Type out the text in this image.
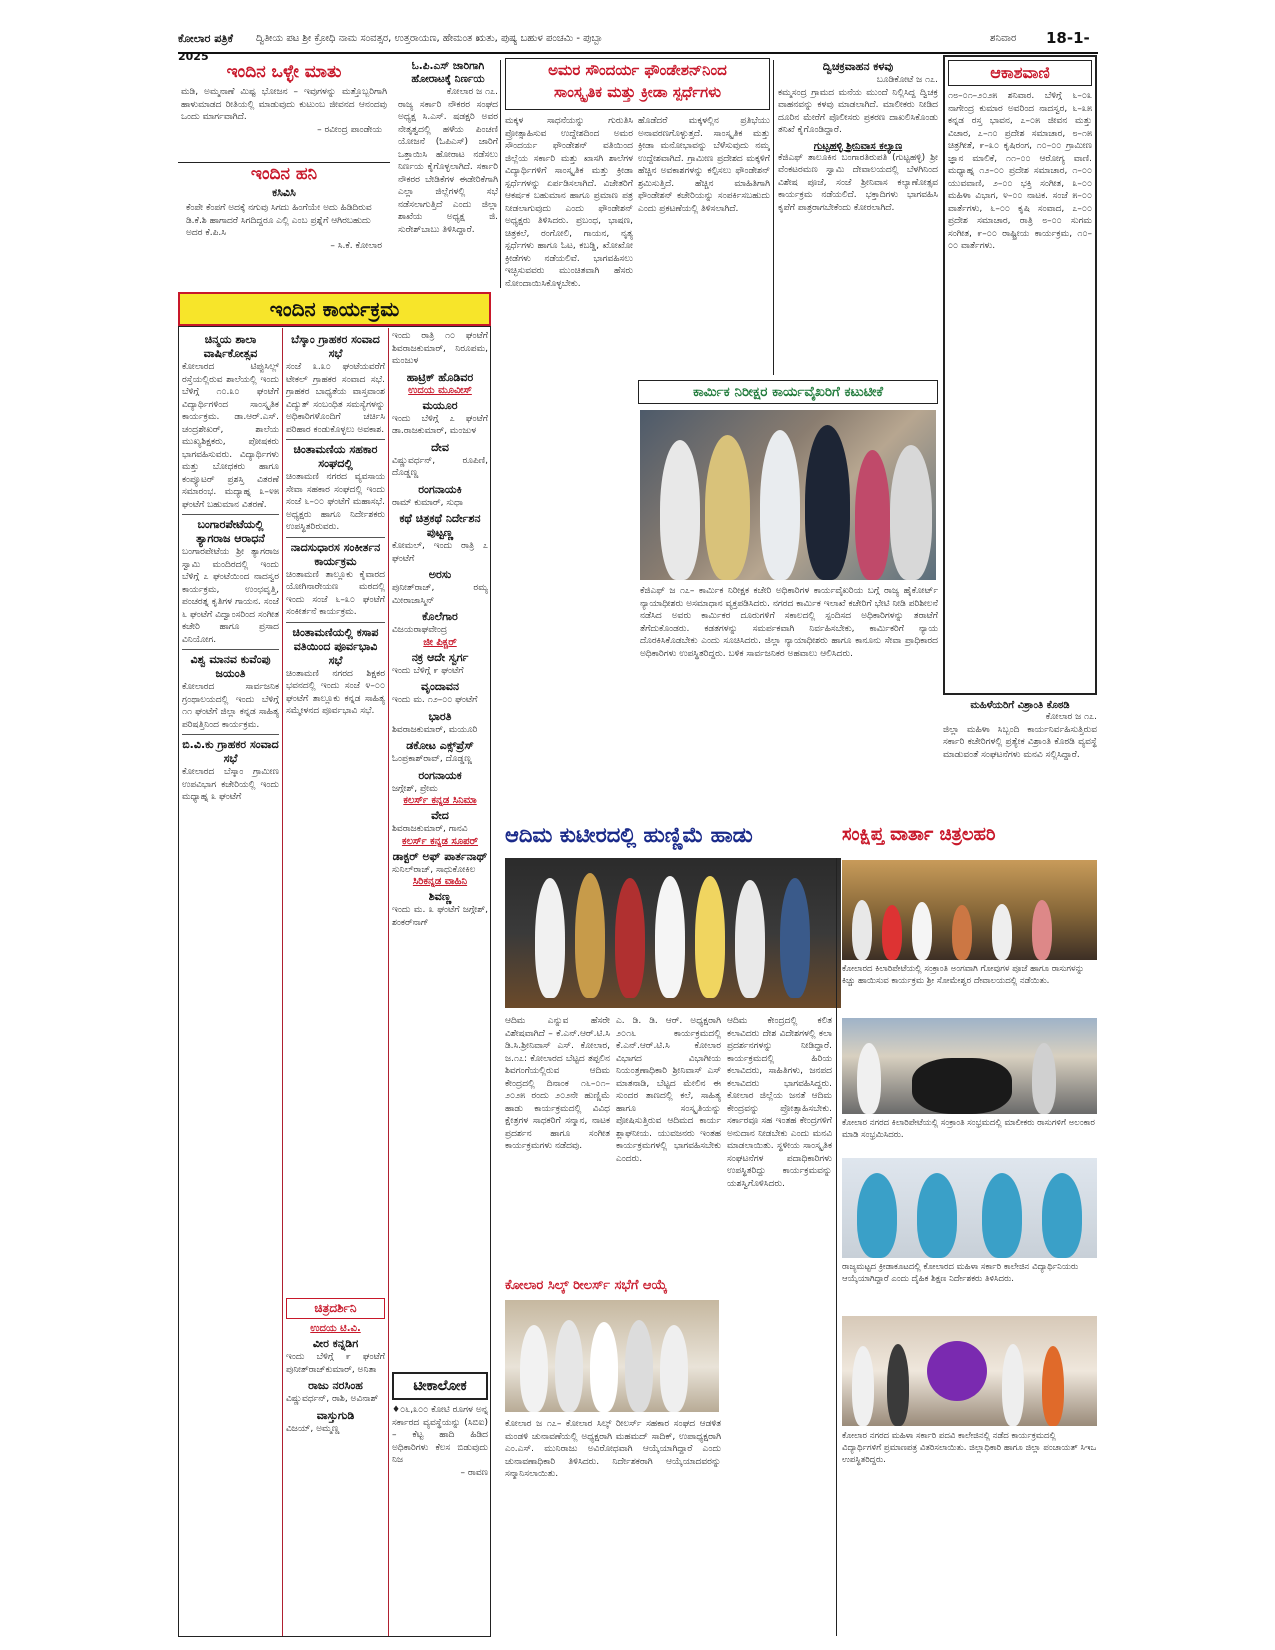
ಕೋಲಾರ ಪತ್ರಿಕೆ ದ್ವಿತೀಯ ಪಟ ಶ್ರೀ ಕ್ರೋಧಿ ನಾಮ ಸಂವತ್ಸರ, ಉತ್ತರಾಯಣ, ಹೇಮಂತ ಋತು, ಪುಷ್ಯ ಬಹುಳ ಪಂಚಮಿ - ಪುಬ್ಬಾ	ಶನಿವಾರ 18-1-
2025
ಇಂದಿನ ಒಳ್ಳೇ ಮಾತು
ಮಡಿ, ಅಮ್ಮನಾಣೆ ಮಿಷ್ಟ ಭೋಜನ – ಇವುಗಳನ್ನು ಮತ್ತೊಬ್ಬರಿಗಾಗಿ ಹಾಳುಮಾಡದ ರೀತಿಯಲ್ಲಿ ಮಾಡುವುದು ಕುಟುಂಬ ಜೀವನದ ಆನಂದವು ಒಂದು ಮಾರ್ಗವಾಗಿದೆ.
– ರವೀಂದ್ರ ಪಾಂಡೇಯ
ಇಂದಿನ ಹನಿ
ಕಸಿವಿಸಿ
ಕೆಂಪೇ ಕೆಂಪಗೆ ಅದಕ್ಕೆ ನಗುವು ಸಿಗದು ಹಿಂಗೆಯೇ ಅದು ಹಿಡಿದಿರುವ ಡಿ.ಕೆ.ಶಿ ಹಾಗಾದರೆ ಸಿಗದಿದ್ದರೂ ಎಲ್ಲಿ ಎಂಬ ಪ್ರಶ್ನೆಗೆ ಆಗಿರಬಹುದು ಅದರ ಕೆ.ಪಿ.ಸಿ
– ಸಿ.ಕೆ. ಕೋಲಾರ
ಇಂದಿನ ಕಾರ್ಯಕ್ರಮ
ಚಿನ್ಮಯ ಶಾಲಾ ವಾರ್ಷಿಕೋತ್ಸವ
ಕೋಲಾರದ ಟಿಪ್ಪುಸಿಲ್ಲ್ ರಸ್ತೆಯಲ್ಲಿರುವ ಶಾಲೆಯಲ್ಲಿ ಇಂದು ಬೆಳಿಗ್ಗೆ ೧೦.೩೦ ಘಂಟೆಗೆ ವಿದ್ಯಾರ್ಥಿಗಳಿಂದ ಸಾಂಸ್ಕೃತಿಕ ಕಾರ್ಯಕ್ರಮ. ಡಾ.ಆರ್.ಎಸ್. ಚಂದ್ರಶೇಖರ್, ಶಾಲೆಯ ಮುಖ್ಯಶಿಕ್ಷಕರು, ಪೋಷಕರು ಭಾಗವಹಿಸುವರು. ವಿದ್ಯಾರ್ಥಿಗಳು ಮತ್ತು ಬೋಧಕರು ಹಾಗೂ ಕಂಪ್ಯೂಟರ್ ಪ್ರಶಸ್ತಿ ವಿತರಣೆ ಸಮಾರಂಭ. ಮದ್ಯಾಹ್ನ ೩–೪೫ ಘಂಟೆಗೆ ಬಹುಮಾನ ವಿತರಣೆ.
ಬಂಗಾರಪೇಟೆಯಲ್ಲಿ ತ್ಯಾಗರಾಜ ಆರಾಧನೆ
ಬಂಗಾರಪೇಟೆಯ ಶ್ರೀ ತ್ಯಾಗರಾಜ ಸ್ವಾಮಿ ಮಂದಿರದಲ್ಲಿ ಇಂದು ಬೆಳಿಗ್ಗೆ ೭ ಘಂಟೆಯಿಂದ ನಾದಸ್ವರ ಕಾರ್ಯಕ್ರಮ, ಉಂಛವೃತ್ತಿ, ಪಂಚರತ್ನ ಕೃತಿಗಳ ಗಾಯನ. ಸಂಜೆ ೬ ಘಂಟೆಗೆ ವಿದ್ವಾಂಸರಿಂದ ಸಂಗೀತ ಕಚೇರಿ ಹಾಗೂ ಪ್ರಸಾದ ವಿನಿಯೋಗ.
ವಿಶ್ವ ಮಾನವ ಕುವೆಂಪು ಜಯಂತಿ
ಕೋಲಾರದ ಸಾರ್ವಜನಿಕ ಗ್ರಂಥಾಲಯದಲ್ಲಿ ಇಂದು ಬೆಳಿಗ್ಗೆ ೧೧ ಘಂಟೆಗೆ ಜಿಲ್ಲಾ ಕನ್ನಡ ಸಾಹಿತ್ಯ ಪರಿಷತ್ತಿನಿಂದ ಕಾರ್ಯಕ್ರಮ.
ಬಿ.ವಿ.ಕು ಗ್ರಾಹಕರ ಸಂವಾದ ಸಭೆ
ಕೋಲಾರದ ಬೆಸ್ಕಾಂ ಗ್ರಾಮೀಣ ಉಪವಿಭಾಗ ಕಚೇರಿಯಲ್ಲಿ ಇಂದು ಮಧ್ಯಾಹ್ನ ೩ ಘಂಟೆಗೆ
ಬೆಸ್ಕಾಂ ಗ್ರಾಹಕರ ಸಂವಾದ ಸಭೆ
ಸಂಜೆ ೩.೩೦ ಘಂಟೆಯವರೆಗೆ ಟೇಕಲ್ ಗ್ರಾಹಕರ ಸಂವಾದ ಸಭೆ. ಗ್ರಾಹಕರ ಬಾಧ್ಯತೆಯ ವಾಸ್ತವಾಂಶ ವಿದ್ಯುತ್ ಸಂಬಂಧಿತ ಸಮಸ್ಯೆಗಳನ್ನು ಅಧಿಕಾರಿಗಳೊಂದಿಗೆ ಚರ್ಚಿಸಿ ಪರಿಹಾರ ಕಂಡುಕೊಳ್ಳಲು ಅವಕಾಶ.
ಚಿಂತಾಮಣಿಯ ಸಹಕಾರ ಸಂಘದಲ್ಲಿ
ಚಿಂತಾಮಣಿ ನಗರದ ವ್ಯವಸಾಯ ಸೇವಾ ಸಹಕಾರ ಸಂಘದಲ್ಲಿ ಇಂದು ಸಂಜೆ ೬–೦೦ ಘಂಟೆಗೆ ಮಹಾಸಭೆ. ಅಧ್ಯಕ್ಷರು ಹಾಗೂ ನಿರ್ದೇಶಕರು ಉಪಸ್ಥಿತರಿರುವರು.
ನಾದಸುಧಾರಸ ಸಂಕೀರ್ತನ ಕಾರ್ಯಕ್ರಮ
ಚಿಂತಾಮಣಿ ತಾಲ್ಲೂಕು ಕೈವಾರದ ಯೋಗಿನಾರೇಯಣ ಮಠದಲ್ಲಿ ಇಂದು ಸಂಜೆ ೬–೩೦ ಘಂಟೆಗೆ ಸಂಕೀರ್ತನೆ ಕಾರ್ಯಕ್ರಮ.
ಚಿಂತಾಮಣಿಯಲ್ಲಿ ಕಸಾಪ ವತಿಯಿಂದ ಪೂರ್ವಭಾವಿ ಸಭೆ
ಚಿಂತಾಮಣಿ ನಗರದ ಶಿಕ್ಷಕರ ಭವನದಲ್ಲಿ ಇಂದು ಸಂಜೆ ೪–೦೦ ಘಂಟೆಗೆ ತಾಲ್ಲೂಕು ಕನ್ನಡ ಸಾಹಿತ್ಯ ಸಮ್ಮೇಳನದ ಪೂರ್ವಭಾವಿ ಸಭೆ.
ಚಿತ್ರದರ್ಶಿನಿ
ಉದಯ ಟಿ.ವಿ.
ವೀರ ಕನ್ನಡಿಗ
ಇಂದು ಬೆಳಿಗ್ಗೆ ೯ ಘಂಟೆಗೆ ಪುನೀತ್‌ರಾಜ್‌ಕುಮಾರ್, ಅನಿತಾ
ರಾಜು ನರಸಿಂಹ
ವಿಷ್ಣುವರ್ಧನ್, ರಾಶಿ, ಅವಿನಾಶ್
ವಾಸ್ತುಗುಡಿ
ವಿಜಯ್, ಅಮ್ಮಣ್ಣ
ಇಂದು ರಾತ್ರಿ ೧೦ ಘಂಟೆಗೆ ಶಿವರಾಜಕುಮಾರ್, ನಿರೂಪಮ, ಮಂಜುಳ
ಹಾಟ್ರಿಕ್ ಹೊಡಿವರ
ಉದಯ ಮೂವೀಸ್
ಮಯೂರ
ಇಂದು ಬೆಳಿಗ್ಗೆ ೭ ಘಂಟೆಗೆ ಡಾ.ರಾಜಕುಮಾರ್, ಮಂಜುಳ
ದೇವ
ವಿಷ್ಣುವರ್ಧನ್, ರೂಪಿಣಿ, ದೊಡ್ಡಣ್ಣ
ರಂಗನಾಯಕಿ
ರಾಮ್ ಕುಮಾರ್, ಸುಧಾ
ಕಥೆ ಚಿತ್ರಕಥೆ ನಿರ್ದೇಶನ ಪುಟ್ಟಣ್ಣ
ಕೋಮಲ್, ಇಂದು ರಾತ್ರಿ ೭ ಘಂಟೆಗೆ
ಅರಸು
ಪುನೀತ್‌ರಾಜ್, ರಮ್ಯ ಮೀರಾಜಾಸ್ಮಿನ್
ಕೊಲೆಗಾರ
ವಿಜಯರಾಘವೇಂದ್ರ
ಜೀ ಪಿಕ್ಚರ್
ನಕ್ರ ಆದೇ ಸ್ವರ್ಗ
ಇಂದು ಬೆಳಿಗ್ಗೆ ೯ ಘಂಟೆಗೆ
ವೃಂದಾವನ
ಇಂದು ಮ. ೧೨–೦೦ ಘಂಟೆಗೆ
ಭಾರತಿ
ಶಿವರಾಜಕುಮಾರ್, ಮಯೂರಿ
ಡಕೋಟ ಎಕ್ಸ್‌ಪ್ರೆಸ್
ಓಂಪ್ರಕಾಶ್‌ರಾವ್, ದೊಡ್ಡಣ್ಣ
ರಂಗನಾಯಕ
ಜಗ್ಗೇಶ್, ಪ್ರೇಮ
ಕಲರ್ಸ್ ಕನ್ನಡ ಸಿನಿಮಾ
ವೇದ
ಶಿವರಾಜಕುಮಾರ್, ಗಾನವಿ
ಕಲರ್ಸ್ ಕನ್ನಡ ಸೂಪರ್
ಡಾಕ್ಟರ್ ಅಫ್ ಪಾರ್ತನಾಥ್
ಸುನಿಲ್‌ರಾಜ್, ಸಾಧುಕೋಕಿಲ
ಸಿರಿಕನ್ನಡ ವಾಹಿನಿ
ಶಿವಣ್ಣ
ಇಂದು ಮ. ೩ ಘಂಟೆಗೆ ಜಗ್ಗೇಶ್, ಶಂಕರ್‌ನಾಗ್
ಟೀಕಾಲೋಕ
♦೦೬,೩೦೦ ಕೋಟಿ ರೂಗಳ ಅನ್ನ ಸರ್ಕಾರದ ವ್ಯವಸ್ಥೆಯನ್ನು (ಸಿಬಿಐ) – ಕೆಟ್ಟ ಹಾದಿ ಹಿಡಿದ ಅಧಿಕಾರಿಗಳು ಕೆಲಸ ಬಿಡುವುದು ನಿಜ
– ರಾವಣ
ಓ.ಪಿ.ಎಸ್ ಜಾರಿಗಾಗಿ ಹೋರಾಟಕ್ಕೆ ನಿರ್ಣಯ
ಕೋಲಾರ ಜ ೧೭.
ರಾಜ್ಯ ಸರ್ಕಾರಿ ನೌಕರರ ಸಂಘದ ಅಧ್ಯಕ್ಷ ಸಿ.ಎಸ್. ಷಡಕ್ಷರಿ ಅವರ ನೇತೃತ್ವದಲ್ಲಿ ಹಳೆಯ ಪಿಂಚಣಿ ಯೋಜನೆ (ಓಪಿಎಸ್) ಜಾರಿಗೆ ಒತ್ತಾಯಿಸಿ ಹೋರಾಟ ನಡೆಸಲು ನಿರ್ಣಯ ಕೈಗೊಳ್ಳಲಾಗಿದೆ. ಸರ್ಕಾರಿ ನೌಕರರ ಬೇಡಿಕೆಗಳ ಈಡೇರಿಕೆಗಾಗಿ ಎಲ್ಲಾ ಜಿಲ್ಲೆಗಳಲ್ಲಿ ಸಭೆ ನಡೆಸಲಾಗುತ್ತಿದೆ ಎಂದು ಜಿಲ್ಲಾ ಶಾಖೆಯ ಅಧ್ಯಕ್ಷ ಜಿ. ಸುರೇಶ್‌ಬಾಬು ತಿಳಿಸಿದ್ದಾರೆ.
ಅಮರ ಸೌಂದರ್ಯ ಫೌಂಡೇಶನ್‌ನಿಂದ
ಸಾಂಸ್ಕೃತಿಕ ಮತ್ತು ಕ್ರೀಡಾ ಸ್ಪರ್ಧೆಗಳು
ಮಕ್ಕಳ ಸಾಧನೆಯನ್ನು ಗುರುತಿಸಿ ಪ್ರೋತ್ಸಾಹಿಸುವ ಉದ್ದೇಶದಿಂದ ಅಮರ ಸೌಂದರ್ಯ ಫೌಂಡೇಶನ್ ವತಿಯಿಂದ ಜಿಲ್ಲೆಯ ಸರ್ಕಾರಿ ಮತ್ತು ಖಾಸಗಿ ಶಾಲೆಗಳ ವಿದ್ಯಾರ್ಥಿಗಳಿಗೆ ಸಾಂಸ್ಕೃತಿಕ ಮತ್ತು ಕ್ರೀಡಾ ಸ್ಪರ್ಧೆಗಳನ್ನು ಏರ್ಪಡಿಸಲಾಗಿದೆ. ವಿಜೇತರಿಗೆ ಆಕರ್ಷಕ ಬಹುಮಾನ ಹಾಗೂ ಪ್ರಮಾಣ ಪತ್ರ ನೀಡಲಾಗುವುದು ಎಂದು ಫೌಂಡೇಶನ್ ಅಧ್ಯಕ್ಷರು ತಿಳಿಸಿದರು. ಪ್ರಬಂಧ, ಭಾಷಣ, ಚಿತ್ರಕಲೆ, ರಂಗೋಲಿ, ಗಾಯನ, ನೃತ್ಯ ಸ್ಪರ್ಧೆಗಳು ಹಾಗೂ ಓಟ, ಕಬಡ್ಡಿ, ಖೋಖೋ ಕ್ರೀಡೆಗಳು ನಡೆಯಲಿವೆ. ಭಾಗವಹಿಸಲು ಇಚ್ಛಿಸುವವರು ಮುಂಚಿತವಾಗಿ ಹೆಸರು ನೋಂದಾಯಿಸಿಕೊಳ್ಳಬೇಕು.
ಹೊಡೆದರೆ ಮಕ್ಕಳಲ್ಲಿನ ಪ್ರತಿಭೆಯು ಅನಾವರಣಗೊಳ್ಳುತ್ತದೆ. ಸಾಂಸ್ಕೃತಿಕ ಮತ್ತು ಕ್ರೀಡಾ ಮನೋಭಾವನ್ನು ಬೆಳೆಸುವುದು ನಮ್ಮ ಉದ್ದೇಶವಾಗಿದೆ. ಗ್ರಾಮೀಣ ಪ್ರದೇಶದ ಮಕ್ಕಳಿಗೆ ಹೆಚ್ಚಿನ ಅವಕಾಶಗಳನ್ನು ಕಲ್ಪಿಸಲು ಫೌಂಡೇಶನ್ ಶ್ರಮಿಸುತ್ತಿದೆ. ಹೆಚ್ಚಿನ ಮಾಹಿತಿಗಾಗಿ ಫೌಂಡೇಶನ್ ಕಚೇರಿಯನ್ನು ಸಂಪರ್ಕಿಸಬಹುದು ಎಂದು ಪ್ರಕಟಣೆಯಲ್ಲಿ ತಿಳಿಸಲಾಗಿದೆ.
ದ್ವಿಚಕ್ರವಾಹನ ಕಳವು
ಬೂಡಿಕೋಟೆ ಜ ೧೭.
ಕಮ್ಮಸಂದ್ರ ಗ್ರಾಮದ ಮನೆಯ ಮುಂದೆ ನಿಲ್ಲಿಸಿದ್ದ ದ್ವಿಚಕ್ರ ವಾಹನವನ್ನು ಕಳವು ಮಾಡಲಾಗಿದೆ. ಮಾಲೀಕರು ನೀಡಿದ ದೂರಿನ ಮೇರೆಗೆ ಪೊಲೀಸರು ಪ್ರಕರಣ ದಾಖಲಿಸಿಕೊಂಡು ತನಿಖೆ ಕೈಗೊಂಡಿದ್ದಾರೆ.
ಗುಟ್ಟಹಳ್ಳಿ ಶ್ರೀನಿವಾಸ ಕಲ್ಯಾಣ
ಕೆಜಿಎಫ್ ತಾಲೂಕಿನ ಬಂಗಾರತಿರುಪತಿ (ಗುಟ್ಟಹಳ್ಳಿ) ಶ್ರೀ ವೆಂಕಟರಮಣ ಸ್ವಾಮಿ ದೇವಾಲಯದಲ್ಲಿ ಬೆಳಗಿನಿಂದ ವಿಶೇಷ ಪೂಜೆ, ಸಂಜೆ ಶ್ರೀನಿವಾಸ ಕಲ್ಯಾಣೋತ್ಸವ ಕಾರ್ಯಕ್ರಮ ನಡೆಯಲಿದೆ. ಭಕ್ತಾದಿಗಳು ಭಾಗವಹಿಸಿ ಕೃಪೆಗೆ ಪಾತ್ರರಾಗಬೇಕೆಂದು ಕೋರಲಾಗಿದೆ.
ಆಕಾಶವಾಣಿ
೧೮–೦೧–೨೦೨೫ ಶನಿವಾರ. ಬೆಳಿಗ್ಗೆ ೬–೦೩ ನಾಗೇಂದ್ರ ಕುಮಾರ ಅವರಿಂದ ನಾದಸ್ವರ, ೬–೩೫ ಕನ್ನಡ ರಸ್ತ ಭಾವನ, ೭–೦೫ ಜೀವನ ಮತ್ತು ವಿಚಾರ, ೭–೧೦ ಪ್ರದೇಶ ಸಮಾಚಾರ, ೮–೧೫ ಚಿತ್ರಗೀತೆ, ೯–೩೦ ಕೃಷಿರಂಗ, ೧೦–೦೦ ಗ್ರಾಮೀಣ ಜ್ಞಾನ ಮಾಲಿಕೆ, ೧೧–೦೦ ಆರೋಗ್ಯ ವಾಣಿ. ಮಧ್ಯಾಹ್ನ ೧೨–೦೦ ಪ್ರದೇಶ ಸಮಾಚಾರ, ೧–೦೦ ಯುವವಾಣಿ, ೨–೦೦ ಭಕ್ತಿ ಸಂಗೀತ, ೩–೦೦ ಮಹಿಳಾ ವಿಭಾಗ, ೪–೦೦ ನಾಟಕ. ಸಂಜೆ ೫–೦೦ ವಾರ್ತೆಗಳು, ೬–೦೦ ಕೃಷಿ ಸಂವಾದ, ೭–೦೦ ಪ್ರದೇಶ ಸಮಾಚಾರ, ರಾತ್ರಿ ೮–೦೦ ಸುಗಮ ಸಂಗೀತ, ೯–೦೦ ರಾಷ್ಟ್ರೀಯ ಕಾರ್ಯಕ್ರಮ, ೧೦–೦೦ ವಾರ್ತೆಗಳು.
ಮಹಿಳೆಯರಿಗೆ ವಿಶ್ರಾಂತಿ ಕೊಠಡಿ
ಕೋಲಾರ ಜ ೧೭.
ಜಿಲ್ಲಾ ಮಹಿಳಾ ಸಿಬ್ಬಂದಿ ಕಾರ್ಯನಿರ್ವಹಿಸುತ್ತಿರುವ ಸರ್ಕಾರಿ ಕಚೇರಿಗಳಲ್ಲಿ ಪ್ರತ್ಯೇಕ ವಿಶ್ರಾಂತಿ ಕೊಠಡಿ ವ್ಯವಸ್ಥೆ ಮಾಡುವಂತೆ ಸಂಘಟನೆಗಳು ಮನವಿ ಸಲ್ಲಿಸಿದ್ದಾರೆ.
ಕಾರ್ಮಿಕ ನಿರೀಕ್ಷರ ಕಾರ್ಯವೈಖರಿಗೆ ಕಟುಟೀಕೆ
ಕೆಜಿಎಫ್ ಜ ೧೭– ಕಾರ್ಮಿಕ ನಿರೀಕ್ಷಕ ಕಚೇರಿ ಅಧಿಕಾರಿಗಳ ಕಾರ್ಯವೈಖರಿಯ ಬಗ್ಗೆ ರಾಜ್ಯ ಹೈಕೋರ್ಟ್ ನ್ಯಾಯಾಧೀಶರು ಅಸಮಾಧಾನ ವ್ಯಕ್ತಪಡಿಸಿದರು. ನಗರದ ಕಾರ್ಮಿಕ ಇಲಾಖೆ ಕಚೇರಿಗೆ ಭೇಟಿ ನೀಡಿ ಪರಿಶೀಲನೆ ನಡೆಸಿದ ಅವರು ಕಾರ್ಮಿಕರ ದೂರುಗಳಿಗೆ ಸಕಾಲದಲ್ಲಿ ಸ್ಪಂದಿಸದ ಅಧಿಕಾರಿಗಳನ್ನು ತರಾಟೆಗೆ ತೆಗೆದುಕೊಂಡರು. ಕಡತಗಳನ್ನು ಸಮರ್ಪಕವಾಗಿ ನಿರ್ವಹಿಸಬೇಕು, ಕಾರ್ಮಿಕರಿಗೆ ನ್ಯಾಯ ದೊರಕಿಸಿಕೊಡಬೇಕು ಎಂದು ಸೂಚಿಸಿದರು. ಜಿಲ್ಲಾ ನ್ಯಾಯಾಧೀಶರು ಹಾಗೂ ಕಾನೂನು ಸೇವಾ ಪ್ರಾಧಿಕಾರದ ಅಧಿಕಾರಿಗಳು ಉಪಸ್ಥಿತರಿದ್ದರು. ಬಳಿಕ ಸಾರ್ವಜನಿಕರ ಅಹವಾಲು ಆಲಿಸಿದರು.
ಆದಿಮ ಕುಟೀರದಲ್ಲಿ ಹುಣ್ಣಿಮೆ ಹಾಡು
ಆದಿಮ ಎನ್ನುವ ಹೆಸರೇ ವಿಶೇಷವಾಗಿದೆ – ಕೆ.ಎನ್.ಆರ್.ಟಿ.ಸಿ ಡಿ.ಸಿ.ಶ್ರೀನಿವಾಸ್ ಎಸ್. ಕೋಲಾರ, ಜ.೧೭: ಕೋಲಾರದ ಬೆಟ್ಟದ ತಪ್ಪಲಿನ ಶಿವಗಂಗೆಯಲ್ಲಿರುವ ಆದಿಮ ಕೇಂದ್ರದಲ್ಲಿ ದಿನಾಂಕ ೧೬–೦೧–೨೦೨೫ ರಂದು ೨೦೨ನೇ ಹುಣ್ಣಿಮೆ ಹಾಡು ಕಾರ್ಯಕ್ರಮದಲ್ಲಿ ವಿವಿಧ ಕ್ಷೇತ್ರಗಳ ಸಾಧಕರಿಗೆ ಸನ್ಮಾನ, ನಾಟಕ ಪ್ರದರ್ಶನ ಹಾಗೂ ಸಂಗೀತ ಕಾರ್ಯಕ್ರಮಗಳು ನಡೆದವು.
ಎ. ಡಿ. ಡಿ. ಆರ್. ಅಧ್ಯಕ್ಷರಾಗಿ ೨೦೧೬ ಕಾರ್ಯಕ್ರಮದಲ್ಲಿ ಕೆ.ಎನ್.ಆರ್.ಟಿ.ಸಿ ಕೋಲಾರ ವಿಭಾಗದ ವಿಭಾಗೀಯ ನಿಯಂತ್ರಣಾಧಿಕಾರಿ ಶ್ರೀನಿವಾಸ್ ಎಸ್ ಮಾತನಾಡಿ, ಬೆಟ್ಟದ ಮೇಲಿನ ಈ ಸುಂದರ ತಾಣದಲ್ಲಿ ಕಲೆ, ಸಾಹಿತ್ಯ ಹಾಗೂ ಸಂಸ್ಕೃತಿಯನ್ನು ಪೋಷಿಸುತ್ತಿರುವ ಆದಿಮದ ಕಾರ್ಯ ಶ್ಲಾಘನೀಯ. ಯುವಜನರು ಇಂತಹ ಕಾರ್ಯಕ್ರಮಗಳಲ್ಲಿ ಭಾಗವಹಿಸಬೇಕು ಎಂದರು.
ಆದಿಮ ಕೇಂದ್ರದಲ್ಲಿ ಕಲಿತ ಕಲಾವಿದರು ದೇಶ ವಿದೇಶಗಳಲ್ಲಿ ಕಲಾ ಪ್ರದರ್ಶನಗಳನ್ನು ನೀಡಿದ್ದಾರೆ. ಕಾರ್ಯಕ್ರಮದಲ್ಲಿ ಹಿರಿಯ ಕಲಾವಿದರು, ಸಾಹಿತಿಗಳು, ಜನಪದ ಕಲಾವಿದರು ಭಾಗವಹಿಸಿದ್ದರು. ಕೋಲಾರ ಜಿಲ್ಲೆಯ ಜನತೆ ಆದಿಮ ಕೇಂದ್ರವನ್ನು ಪ್ರೋತ್ಸಾಹಿಸಬೇಕು. ಸರ್ಕಾರವೂ ಸಹ ಇಂತಹ ಕೇಂದ್ರಗಳಿಗೆ ಅನುದಾನ ನೀಡಬೇಕು ಎಂದು ಮನವಿ ಮಾಡಲಾಯಿತು. ಸ್ಥಳೀಯ ಸಾಂಸ್ಕೃತಿಕ ಸಂಘಟನೆಗಳ ಪದಾಧಿಕಾರಿಗಳು ಉಪಸ್ಥಿತರಿದ್ದು ಕಾರ್ಯಕ್ರಮವನ್ನು ಯಶಸ್ವಿಗೊಳಿಸಿದರು.
ಕೋಲಾರ ಸಿಲ್ಕ್ ರೀಲರ್ಸ್ ಸಭೆಗೆ ಆಯ್ಕೆ
ಕೋಲಾರ ಜ ೧೭– ಕೋಲಾರ ಸಿಲ್ಕ್ ರೀಲರ್ಸ್ ಸಹಕಾರ ಸಂಘದ ಆಡಳಿತ ಮಂಡಳಿ ಚುನಾವಣೆಯಲ್ಲಿ ಅಧ್ಯಕ್ಷರಾಗಿ ಮಹಮದ್ ಸಾದಿಕ್, ಉಪಾಧ್ಯಕ್ಷರಾಗಿ ಎಂ.ಎಸ್. ಮುನಿರಾಜು ಅವಿರೋಧವಾಗಿ ಆಯ್ಕೆಯಾಗಿದ್ದಾರೆ ಎಂದು ಚುನಾವಣಾಧಿಕಾರಿ ತಿಳಿಸಿದರು. ನಿರ್ದೇಶಕರಾಗಿ ಆಯ್ಕೆಯಾದವರನ್ನು ಸನ್ಮಾನಿಸಲಾಯಿತು.
ಸಂಕ್ಷಿಪ್ತ ವಾರ್ತಾ ಚಿತ್ರಲಹರಿ
ಕೋಲಾರದ ಕಿಲಾರಿಪೇಟೆಯಲ್ಲಿ ಸಂಕ್ರಾಂತಿ ಅಂಗವಾಗಿ ಗೋವುಗಳ ಪೂಜೆ ಹಾಗೂ ರಾಸುಗಳನ್ನು ಕಿಚ್ಚು ಹಾಯಿಸುವ ಕಾರ್ಯಕ್ರಮ ಶ್ರೀ ಸೋಮೇಶ್ವರ ದೇವಾಲಯದಲ್ಲಿ ನಡೆಯಿತು.
ಕೋಲಾರ ನಗರದ ಕಿಲಾರಿಪೇಟೆಯಲ್ಲಿ ಸಂಕ್ರಾಂತಿ ಸಂಭ್ರಮದಲ್ಲಿ ಮಾಲೀಕರು ರಾಸುಗಳಿಗೆ ಅಲಂಕಾರ ಮಾಡಿ ಸಂಭ್ರಮಿಸಿದರು.
ರಾಜ್ಯಮಟ್ಟದ ಕ್ರೀಡಾಕೂಟದಲ್ಲಿ ಕೋಲಾರದ ಮಹಿಳಾ ಸರ್ಕಾರಿ ಕಾಲೇಜಿನ ವಿದ್ಯಾರ್ಥಿನಿಯರು ಆಯ್ಕೆಯಾಗಿದ್ದಾರೆ ಎಂದು ದೈಹಿಕ ಶಿಕ್ಷಣ ನಿರ್ದೇಶಕರು ತಿಳಿಸಿದರು.
ಕೋಲಾರ ನಗರದ ಮಹಿಳಾ ಸರ್ಕಾರಿ ಪದವಿ ಕಾಲೇಜಿನಲ್ಲಿ ನಡೆದ ಕಾರ್ಯಕ್ರಮದಲ್ಲಿ ವಿದ್ಯಾರ್ಥಿಗಳಿಗೆ ಪ್ರಮಾಣಪತ್ರ ವಿತರಿಸಲಾಯಿತು. ಜಿಲ್ಲಾಧಿಕಾರಿ ಹಾಗೂ ಜಿಲ್ಲಾ ಪಂಚಾಯತ್ ಸಿಇಒ ಉಪಸ್ಥಿತರಿದ್ದರು.
